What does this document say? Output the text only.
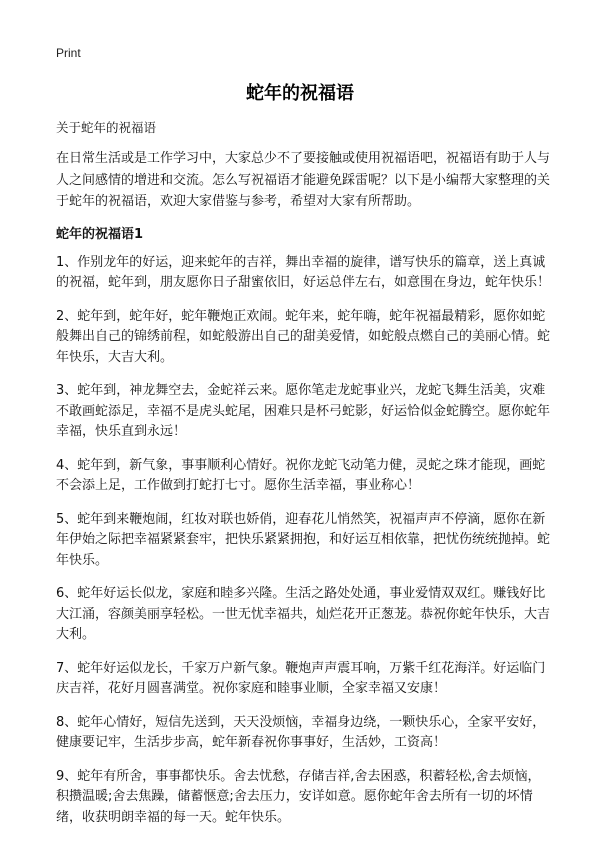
Print
蛇年的祝福语

关于蛇年的祝福语

在日常生活或是工作学习中，大家总少不了要接触或使用祝福语吧，祝福语有助于人与人之间感情的增进和交流。怎么写祝福语才能避免踩雷呢？以下是小编帮大家整理的关于蛇年的祝福语，欢迎大家借鉴与参考，希望对大家有所帮助。

蛇年的祝福语1

1、作别龙年的好运，迎来蛇年的吉祥，舞出幸福的旋律，谱写快乐的篇章，送上真诚的祝福，蛇年到，朋友愿你日子甜蜜依旧，好运总伴左右，如意围在身边，蛇年快乐！

2、蛇年到，蛇年好，蛇年鞭炮正欢闹。蛇年来，蛇年嗨，蛇年祝福最精彩，愿你如蛇般舞出自己的锦绣前程，如蛇般游出自己的甜美爱情，如蛇般点燃自己的美丽心情。蛇年快乐，大吉大利。

3、蛇年到，神龙舞空去，金蛇祥云来。愿你笔走龙蛇事业兴，龙蛇飞舞生活美，灾难不敢画蛇添足，幸福不是虎头蛇尾，困难只是杯弓蛇影，好运恰似金蛇腾空。愿你蛇年幸福，快乐直到永远！

4、蛇年到，新气象，事事顺利心情好。祝你龙蛇飞动笔力健，灵蛇之珠才能现，画蛇不会添上足，工作做到打蛇打七寸。愿你生活幸福，事业称心！

5、蛇年到来鞭炮闹，红妆对联也娇俏，迎春花儿悄然笑，祝福声声不停滴，愿你在新年伊始之际把幸福紧紧套牢，把快乐紧紧拥抱，和好运互相依靠，把忧伤统统抛掉。蛇年快乐。

6、蛇年好运长似龙，家庭和睦多兴隆。生活之路处处通，事业爱情双双红。赚钱好比大江涌，容颜美丽享轻松。一世无忧幸福共，灿烂花开正葱茏。恭祝你蛇年快乐，大吉大利。

7、蛇年好运似龙长，千家万户新气象。鞭炮声声震耳响，万紫千红花海洋。好运临门庆吉祥，花好月圆喜满堂。祝你家庭和睦事业顺，全家幸福又安康！

8、蛇年心情好，短信先送到，天天没烦恼，幸福身边绕，一颗快乐心，全家平安好，健康要记牢，生活步步高，蛇年新春祝你事事好，生活妙，工资高！

9、蛇年有所舍，事事都快乐。舍去忧愁，存储吉祥,舍去困惑，积蓄轻松,舍去烦恼，积攒温暖;舍去焦躁，储蓄惬意;舍去压力，安详如意。愿你蛇年舍去所有一切的坏情绪，收获明朗幸福的每一天。蛇年快乐。
